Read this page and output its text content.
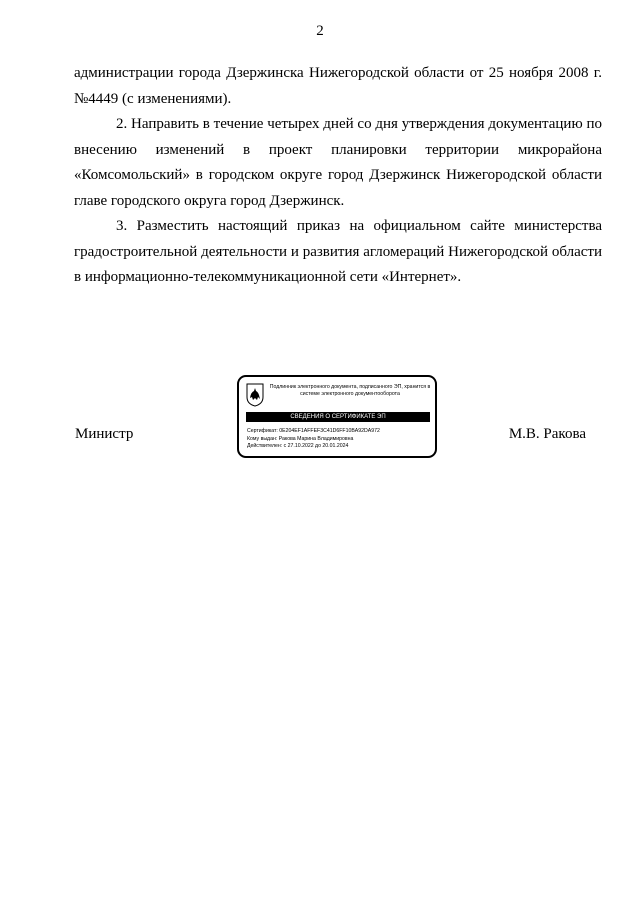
2

администрации города Дзержинска Нижегородской области от 25 ноября 2008 г. №4449 (с изменениями).

2. Направить в течение четырех дней со дня утверждения документацию по внесению изменений в проект планировки территории микрорайона «Комсомольский» в городском округе город Дзержинск Нижегородской области главе городского округа город Дзержинск.

3. Разместить настоящий приказ на официальном сайте министерства градостроительной деятельности и развития агломераций Нижегородской области в информационно-телекоммуникационной сети «Интернет».

Министр	М.В. Ракова
Подлинник электронного документа, подписанного ЭП, хранится в системе электронного документооборота
СВЕДЕНИЯ О СЕРТИФИКАТЕ ЭП
Сертификат: 0E204EF1AFFEF3C41D6FF10BA92DA972
Кому выдан: Ракова Марина Владимировна
Действителен: с 27.10.2022 до 20.01.2024
